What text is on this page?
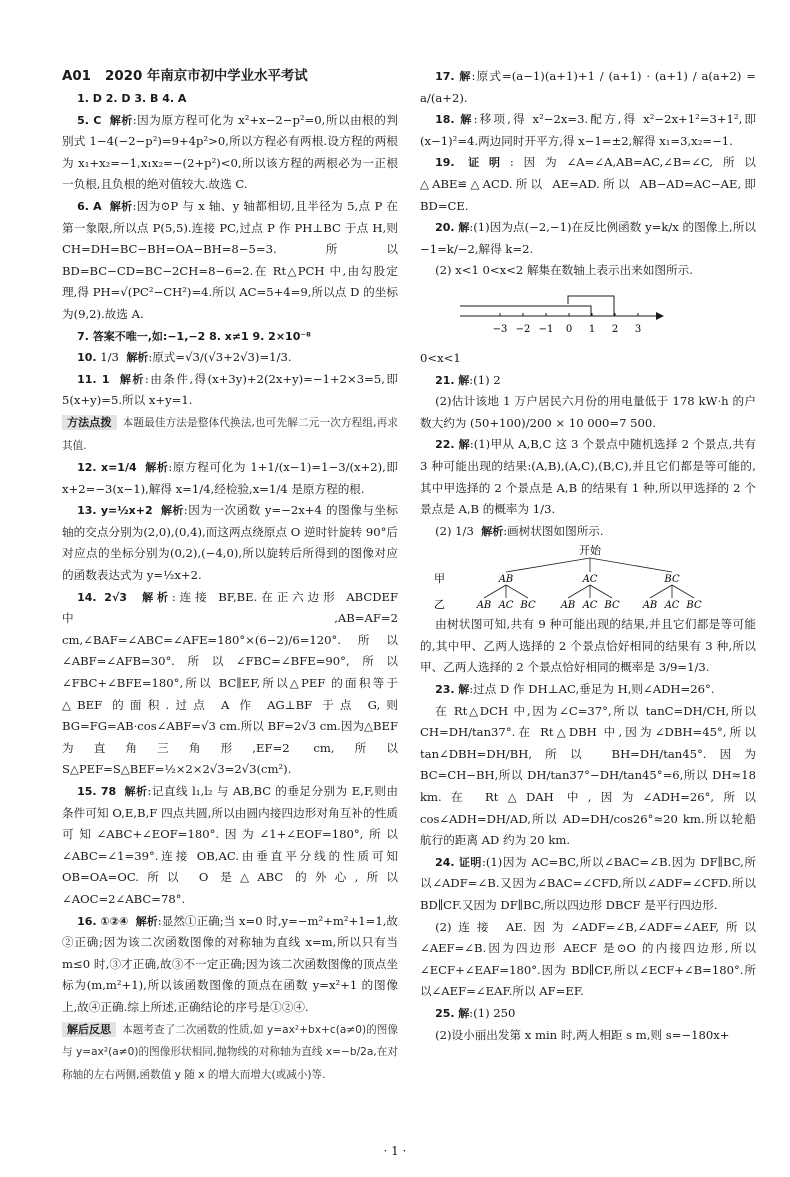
A01 2020 年南京市初中学业水平考试

1. D 2. D 3. B 4. A

5. C 解析:因为原方程可化为 x²+x−2−p²=0,所以由根的判别式 1−4(−2−p²)=9+4p²>0,所以方程必有两根.设方程的两根为 x₁+x₂=−1,x₁x₂=−(2+p²)<0,所以该方程的两根必为一正根一负根,且负根的绝对值较大.故选 C.

6. A 解析:因为⊙P 与 x 轴、y 轴都相切,且半径为 5,点 P 在第一象限,所以点 P(5,5).连接 PC,过点 P 作 PH⊥BC 于点 H,则 CH=DH=BC−BH=OA−BH=8−5=3.所以 BD=BC−CD=BC−2CH=8−6=2.在 Rt△PCH 中,由勾股定理,得 PH=√(PC²−CH²)=4.所以 AC=5+4=9,所以点 D 的坐标为(9,2).故选 A.

7. 答案不唯一,如:−1,−2 8. x≠1 9. 2×10⁻⁸

10. 1/3 解析:原式=√3/(√3+2√3)=1/3.

11. 1 解析:由条件,得(x+3y)+2(2x+y)=−1+2×3=5,即 5(x+y)=5.所以 x+y=1.

方法点拨 本题最佳方法是整体代换法,也可先解二元一次方程组,再求其值.

12. x=1/4 解析:原方程可化为 1+1/(x−1)=1−3/(x+2),即 x+2=−3(x−1),解得 x=1/4,经检验,x=1/4 是原方程的根.

13. y=½x+2 解析:因为一次函数 y=−2x+4 的图像与坐标轴的交点分别为(2,0),(0,4),而这两点绕原点 O 逆时针旋转 90°后对应点的坐标分别为(0,2),(−4,0),所以旋转后所得到的图像对应的函数表达式为 y=½x+2.

14. 2√3 解析:连接 BF,BE.在正六边形 ABCDEF 中,AB=AF=2 cm,∠BAF=∠ABC=∠AFE=180°×(6−2)/6=120°.所以∠ABF=∠AFB=30°.所以∠FBC=∠BFE=90°,所以∠FBC+∠BFE=180°,所以 BC∥EF,所以△PEF 的面积等于△BEF 的面积.过点 A 作 AG⊥BF 于点 G,则 BG=FG=AB·cos∠ABF=√3 cm.所以 BF=2√3 cm.因为△BEF 为直角三角形,EF=2 cm,所以 S△PEF=S△BEF=½×2×2√3=2√3(cm²).

15. 78 解析:记直线 l₁,l₂ 与 AB,BC 的垂足分别为 E,F,则由条件可知 O,E,B,F 四点共圆,所以由圆内接四边形对角互补的性质可知∠ABC+∠EOF=180°.因为∠1+∠EOF=180°,所以∠ABC=∠1=39°.连接 OB,AC.由垂直平分线的性质可知 OB=OA=OC.所以 O 是△ABC 的外心,所以∠AOC=2∠ABC=78°.

16. ①②④ 解析:显然①正确;当 x=0 时,y=−m²+m²+1=1,故②正确;因为该二次函数图像的对称轴为直线 x=m,所以只有当 m≤0 时,③才正确,故③不一定正确;因为该二次函数图像的顶点坐标为(m,m²+1),所以该函数图像的顶点在函数 y=x²+1 的图像上,故④正确.综上所述,正确结论的序号是①②④.

解后反思 本题考查了二次函数的性质,如 y=ax²+bx+c(a≠0)的图像与 y=ax²(a≠0)的图像形状相同,抛物线的对称轴为直线 x=−b/2a,在对称轴的左右两侧,函数值 y 随 x 的增大而增大(或减小)等.

17. 解:原式=(a−1)(a+1)+1 / (a+1) · (a+1) / a(a+2) = a/(a+2).

18. 解:移项,得 x²−2x=3.配方,得 x²−2x+1²=3+1²,即(x−1)²=4.两边同时开平方,得 x−1=±2,解得 x₁=3,x₂=−1.

19. 证明:因为∠A=∠A,AB=AC,∠B=∠C,所以△ABE≌△ACD.所以 AE=AD.所以 AB−AD=AC−AE,即 BD=CE.

20. 解:(1)因为点(−2,−1)在反比例函数 y=k/x 的图像上,所以−1=k/−2,解得 k=2.

(2) x<1 0<x<2 解集在数轴上表示出来如图所示.

−3 −2 −1 0 1 2 3

0<x<1

21. 解:(1) 2

(2)估计该地 1 万户居民六月份的用电量低于 178 kW·h 的户数大约为 (50+100)/200 × 10 000=7 500.

22. 解:(1)甲从 A,B,C 这 3 个景点中随机选择 2 个景点,共有 3 种可能出现的结果:(A,B),(A,C),(B,C),并且它们都是等可能的,其中甲选择的 2 个景点是 A,B 的结果有 1 种,所以甲选择的 2 个景点是 A,B 的概率为 1/3.

(2) 1/3 解析:画树状图如图所示.

开始
甲
乙
AB
AB AC BC
AC
AB AC BC
BC
AB AC BC

由树状图可知,共有 9 种可能出现的结果,并且它们都是等可能的,其中甲、乙两人选择的 2 个景点恰好相同的结果有 3 种,所以甲、乙两人选择的 2 个景点恰好相同的概率是 3/9=1/3.

23. 解:过点 D 作 DH⊥AC,垂足为 H,则∠ADH=26°.

在 Rt△DCH 中,因为∠C=37°,所以 tanC=DH/CH,所以 CH=DH/tan37°.在 Rt△DBH 中,因为∠DBH=45°,所以 tan∠DBH=DH/BH,所以 BH=DH/tan45°.因为 BC=CH−BH,所以 DH/tan37°−DH/tan45°=6,所以 DH≈18 km.在 Rt△DAH 中,因为∠ADH=26°,所以 cos∠ADH=DH/AD,所以 AD=DH/cos26°≈20 km.所以轮船航行的距离 AD 约为 20 km.

24. 证明:(1)因为 AC=BC,所以∠BAC=∠B.因为 DF∥BC,所以∠ADF=∠B.又因为∠BAC=∠CFD,所以∠ADF=∠CFD.所以 BD∥CF.又因为 DF∥BC,所以四边形 DBCF 是平行四边形.

(2)连接 AE.因为∠ADF=∠B,∠ADF=∠AEF,所以∠AEF=∠B.因为四边形 AECF 是⊙O 的内接四边形,所以∠ECF+∠EAF=180°.因为 BD∥CF,所以∠ECF+∠B=180°.所以∠AEF=∠EAF.所以 AF=EF.

25. 解:(1) 250

(2)设小丽出发第 x min 时,两人相距 s m,则 s=−180x+

· 1 ·
